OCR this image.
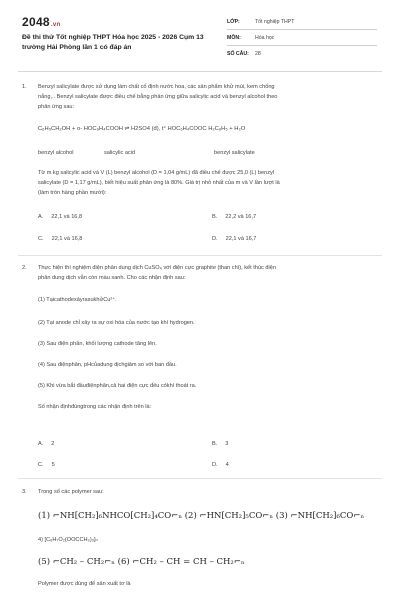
2048.vn
Đề thi thử Tốt nghiệp THPT Hóa học 2025 - 2026 Cụm 13
trường Hải Phòng lần 1 có đáp án
LỚP:	Tốt nghiệp THPT
MÔN:	Hóa học
SỐ CÂU:	28
1.	Benzyl salicylate được sử dụng làm chất cố định nước hoa, các sản phẩm khử mùi, kem chống
nắng,.. Benzyl salicylate được điều chế bằng phản ứng giữa salicylic acid và benzyl alcohol theo
phản ứng sau:
C₆H₅CH₂OH + o- HOC₆H₄COOH ⇌ H2SO4 (đ), t° HOC₆H₄COOC H₂C₆H₅ + H₂O
benzyl alcohol	salicylic acid	benzyl salicylate
Từ m kg salicylic acid và V (L) benzyl alcohol (D = 1,04 g/mL) đã điều chế được 25,0 (L) benzyl
salicylate (D = 1,17 g/mL), biết hiệu suất phản ứng là 80%. Giá trị nhỏ nhất của m và V lần lượt là
(làm tròn hàng phần mười):
A. 22,1 và 16,8	B. 22,2 và 16,7
C. 22,1 và 16,8	D. 22,1 và 16,7
2.	Thực hiện thí nghiệm điện phân dung dịch CuSO₄ với điện cực graphite (than chì), kết thúc điện
phân dung dịch vẫn còn màu xanh. Cho các nhận định sau:
(1) TạicathodexảyrasukhửCu²⁺.
(2) Tại anode chỉ xảy ra sự oxi hóa của nước tạo khí hydrogen.
(3) Sau điện phân, khối lượng cathode tăng lên.
(4) Sau điệnphân, pHcủadung dịchgiảm so với ban đầu.
(5) Khi vừa bắt đầuđiệnphân,cả hai điện cực đều cókhí thoát ra.
Số nhận địnhđúngtrong các nhận định trên là:
A. 2	B. 3
C. 5	D. 4
3.	Trong số các polymer sau:
(1) ⌐NH[CH₂]₆NHCO[CH₂]₄CO⌐ₙ (2) ⌐HN[CH₂]₅CO⌐ₙ (3) ⌐NH[CH₂]₆CO⌐ₙ
4) [C₆H₇O₂(OOCCH₃)₃]ₙ
(5) ⌐CH₂ – CH₂⌐ₙ (6) ⌐CH₂ – CH = CH – CH₂⌐ₙ
Polymer được dùng để sản xuất tơ là
